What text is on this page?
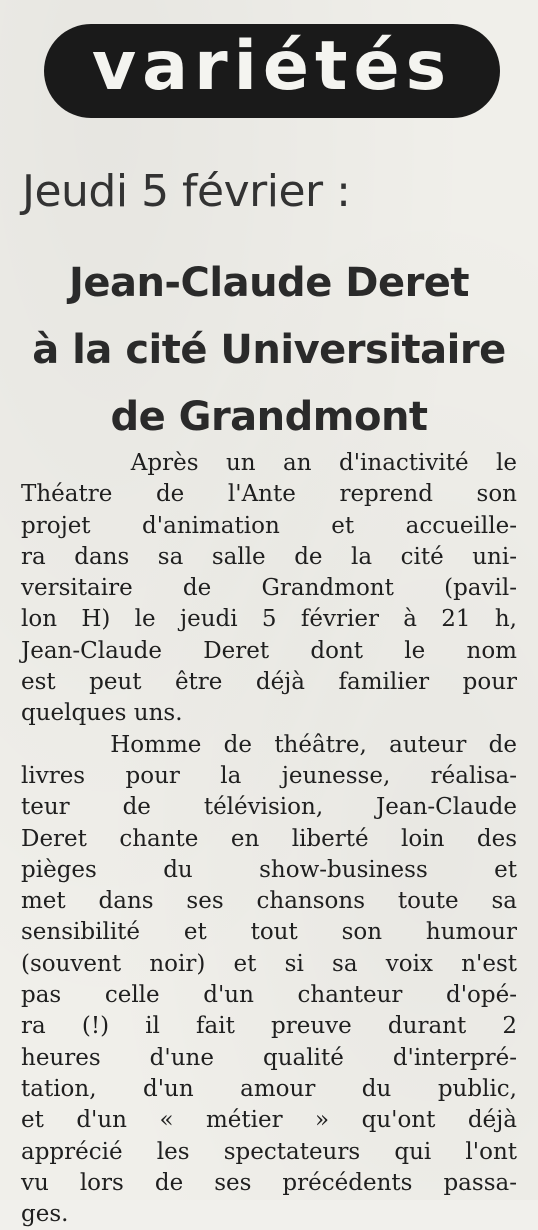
variétés
Jeudi 5 février :
Jean-Claude Deret
à la cité Universitaire
de Grandmont
Après un an d'inactivité le
Théatre de l'Ante reprend son
projet d'animation et accueille-
ra dans sa salle de la cité uni-
versitaire de Grandmont (pavil-
lon H) le jeudi 5 février à 21 h,
Jean-Claude Deret dont le nom
est peut être déjà familier pour
quelques uns.
Homme de théâtre, auteur de
livres pour la jeunesse, réalisa-
teur de télévision, Jean-Claude
Deret chante en liberté loin des
pièges du show-business et
met dans ses chansons toute sa
sensibilité et tout son humour
(souvent noir) et si sa voix n'est
pas celle d'un chanteur d'opé-
ra (!) il fait preuve durant 2
heures d'une qualité d'interpré-
tation, d'un amour du public,
et d'un « métier » qu'ont déjà
apprécié les spectateurs qui l'ont
vu lors de ses précédents passa-
ges.
